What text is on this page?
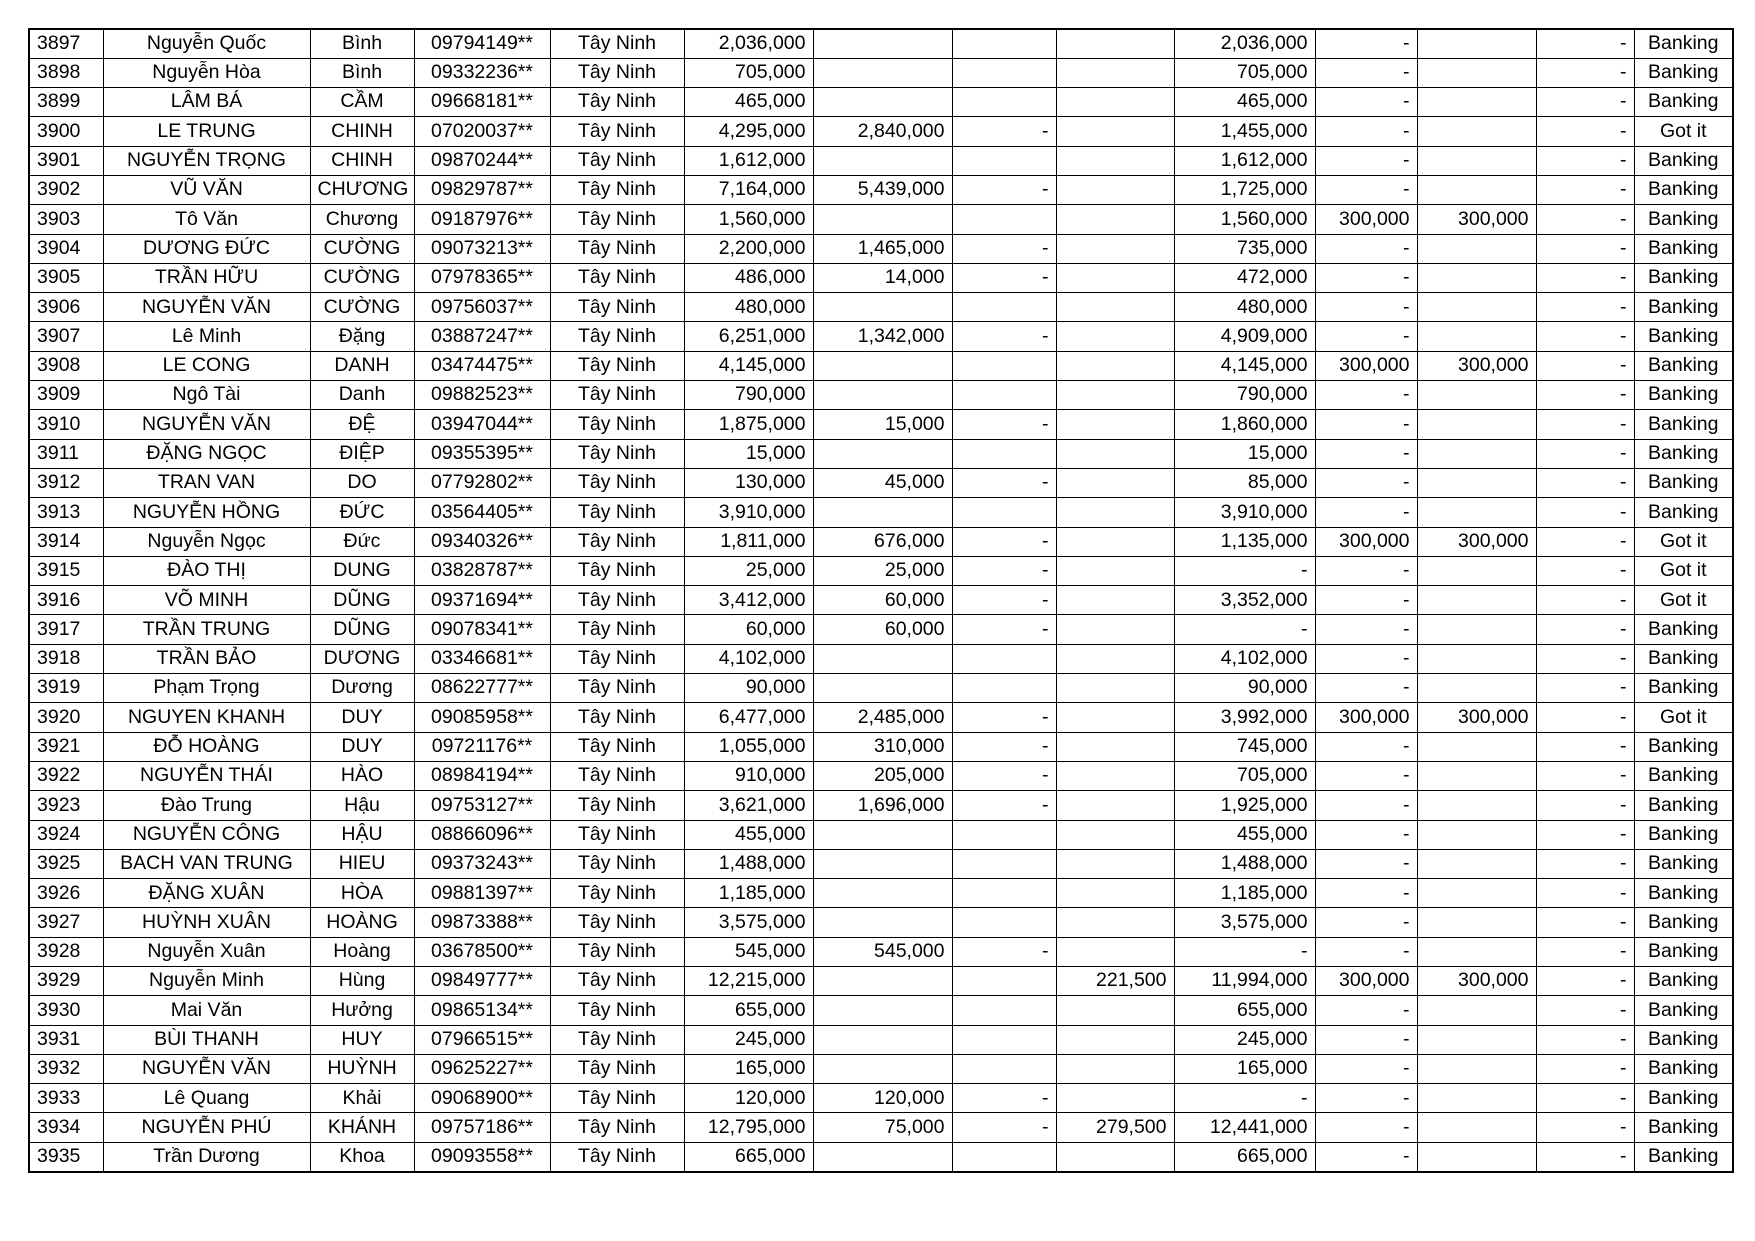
3897	Nguyễn Quốc	Bình	09794149**	Tây Ninh	2,036,000				2,036,000	-		-	Banking
3898	Nguyễn Hòa	Bình	09332236**	Tây Ninh	705,000				705,000	-		-	Banking
3899	LÂM BÁ	CẦM	09668181**	Tây Ninh	465,000				465,000	-		-	Banking
3900	LE TRUNG	CHINH	07020037**	Tây Ninh	4,295,000	2,840,000	-		1,455,000	-		-	Got it
3901	NGUYỄN TRỌNG	CHINH	09870244**	Tây Ninh	1,612,000				1,612,000	-		-	Banking
3902	VŨ VĂN	CHƯƠNG	09829787**	Tây Ninh	7,164,000	5,439,000	-		1,725,000	-		-	Banking
3903	Tô Văn	Chương	09187976**	Tây Ninh	1,560,000				1,560,000	300,000	300,000	-	Banking
3904	DƯƠNG ĐỨC	CƯỜNG	09073213**	Tây Ninh	2,200,000	1,465,000	-		735,000	-		-	Banking
3905	TRẦN HỮU	CƯỜNG	07978365**	Tây Ninh	486,000	14,000	-		472,000	-		-	Banking
3906	NGUYỄN VĂN	CƯỜNG	09756037**	Tây Ninh	480,000				480,000	-		-	Banking
3907	Lê Minh	Đặng	03887247**	Tây Ninh	6,251,000	1,342,000	-		4,909,000	-		-	Banking
3908	LE CONG	DANH	03474475**	Tây Ninh	4,145,000				4,145,000	300,000	300,000	-	Banking
3909	Ngô Tài	Danh	09882523**	Tây Ninh	790,000				790,000	-		-	Banking
3910	NGUYỄN VĂN	ĐỆ	03947044**	Tây Ninh	1,875,000	15,000	-		1,860,000	-		-	Banking
3911	ĐẶNG NGỌC	ĐIỆP	09355395**	Tây Ninh	15,000				15,000	-		-	Banking
3912	TRAN VAN	DO	07792802**	Tây Ninh	130,000	45,000	-		85,000	-		-	Banking
3913	NGUYỄN HỒNG	ĐỨC	03564405**	Tây Ninh	3,910,000				3,910,000	-		-	Banking
3914	Nguyễn Ngọc	Đức	09340326**	Tây Ninh	1,811,000	676,000	-		1,135,000	300,000	300,000	-	Got it
3915	ĐÀO THỊ	DUNG	03828787**	Tây Ninh	25,000	25,000	-		-	-		-	Got it
3916	VÕ MINH	DŨNG	09371694**	Tây Ninh	3,412,000	60,000	-		3,352,000	-		-	Got it
3917	TRẦN TRUNG	DŨNG	09078341**	Tây Ninh	60,000	60,000	-		-	-		-	Banking
3918	TRẦN BẢO	DƯƠNG	03346681**	Tây Ninh	4,102,000				4,102,000	-		-	Banking
3919	Phạm Trọng	Dương	08622777**	Tây Ninh	90,000				90,000	-		-	Banking
3920	NGUYEN KHANH	DUY	09085958**	Tây Ninh	6,477,000	2,485,000	-		3,992,000	300,000	300,000	-	Got it
3921	ĐỖ HOÀNG	DUY	09721176**	Tây Ninh	1,055,000	310,000	-		745,000	-		-	Banking
3922	NGUYỄN THÁI	HÀO	08984194**	Tây Ninh	910,000	205,000	-		705,000	-		-	Banking
3923	Đào Trung	Hậu	09753127**	Tây Ninh	3,621,000	1,696,000	-		1,925,000	-		-	Banking
3924	NGUYỄN CÔNG	HẬU	08866096**	Tây Ninh	455,000				455,000	-		-	Banking
3925	BACH VAN TRUNG	HIEU	09373243**	Tây Ninh	1,488,000				1,488,000	-		-	Banking
3926	ĐẶNG XUÂN	HÒA	09881397**	Tây Ninh	1,185,000				1,185,000	-		-	Banking
3927	HUỲNH XUÂN	HOÀNG	09873388**	Tây Ninh	3,575,000				3,575,000	-		-	Banking
3928	Nguyễn Xuân	Hoàng	03678500**	Tây Ninh	545,000	545,000	-		-	-		-	Banking
3929	Nguyễn Minh	Hùng	09849777**	Tây Ninh	12,215,000			221,500	11,994,000	300,000	300,000	-	Banking
3930	Mai Văn	Hưởng	09865134**	Tây Ninh	655,000				655,000	-		-	Banking
3931	BÙI THANH	HUY	07966515**	Tây Ninh	245,000				245,000	-		-	Banking
3932	NGUYỄN VĂN	HUỲNH	09625227**	Tây Ninh	165,000				165,000	-		-	Banking
3933	Lê Quang	Khải	09068900**	Tây Ninh	120,000	120,000	-		-	-		-	Banking
3934	NGUYỄN PHÚ	KHÁNH	09757186**	Tây Ninh	12,795,000	75,000	-	279,500	12,441,000	-		-	Banking
3935	Trần Dương	Khoa	09093558**	Tây Ninh	665,000				665,000	-		-	Banking
